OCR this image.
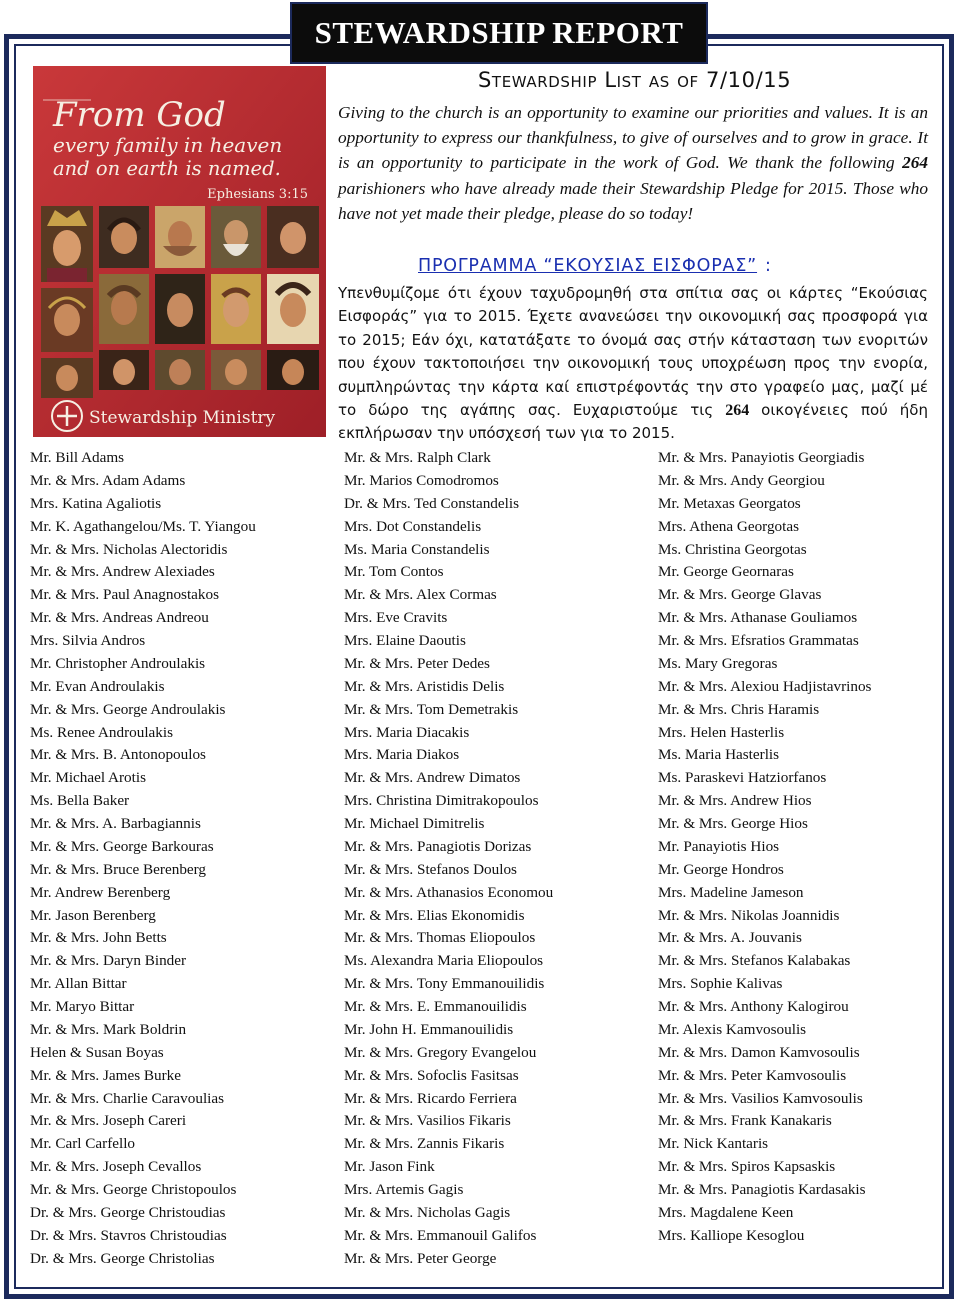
STEWARDSHIP REPORT
From God
every family in heaven
and on earth is named.
Ephesians 3:15
Stewardship Ministry
Stewardship List as of 7/10/15

Giving to the church is an opportunity to examine our priorities and values. It is an opportunity to express our thankfulness, to give of ourselves and to grow in grace. It is an opportunity to participate in the work of God. We thank the following 264 parishioners who have already made their Stewardship Pledge for 2015. Those who have not yet made their pledge, please do so today!

ΠΡΟΓΡΑΜΜΑ “ΕΚΟΥΣΙΑΣ ΕΙΣΦΟΡΑΣ” :

Υπενθυμίζομε ότι έχουν ταχυδρομηθή στα σπίτια σας οι κάρτες “Εκούσιας Εισφοράς” για το 2015. Έχετε ανανεώσει την οικονομική σας προσφορά για το 2015; Εάν όχι, κατατάξατε το όνομά σας στήν κάτασταση των ενοριτών που έχουν τακτοποιήσει την οικονομική τους υποχρέωση προς την ενορία, συμπληρώντας την κάρτα καί επιστρέφοντάς την στο γραφείο μας, μαζί μέ το δώρο της αγάπης σας. Ευχαριστούμε τις 264 οικογένειες πού ήδη εκπλήρωσαν την υπόσχεσή των για το 2015.

Mr. Bill Adams
Mr. & Mrs. Adam Adams
Mrs. Katina Agaliotis
Mr. K. Agathangelou/Ms. T. Yiangou
Mr. & Mrs. Nicholas Alectoridis
Mr. & Mrs. Andrew Alexiades
Mr. & Mrs. Paul Anagnostakos
Mr. & Mrs. Andreas Andreou
Mrs. Silvia Andros
Mr. Christopher Androulakis
Mr. Evan Androulakis
Mr. & Mrs. George Androulakis
Ms. Renee Androulakis
Mr. & Mrs. B. Antonopoulos
Mr. Michael Arotis
Ms. Bella Baker
Mr. & Mrs. A. Barbagiannis
Mr. & Mrs. George Barkouras
Mr. & Mrs. Bruce Berenberg
Mr. Andrew Berenberg
Mr. Jason Berenberg
Mr. & Mrs. John Betts
Mr. & Mrs. Daryn Binder
Mr. Allan Bittar
Mr. Maryo Bittar
Mr. & Mrs. Mark Boldrin
Helen & Susan Boyas
Mr. & Mrs. James Burke
Mr. & Mrs. Charlie Caravoulias
Mr. & Mrs. Joseph Careri
Mr. Carl Carfello
Mr. & Mrs. Joseph Cevallos
Mr. & Mrs. George Christopoulos
Dr. & Mrs. George Christoudias
Dr. & Mrs. Stavros Christoudias
Dr. & Mrs. George Christolias
Mr. & Mrs. Ralph Clark
Mr. Marios Comodromos
Dr. & Mrs. Ted Constandelis
Mrs. Dot Constandelis
Ms. Maria Constandelis
Mr. Tom Contos
Mr. & Mrs. Alex Cormas
Mrs. Eve Cravits
Mrs. Elaine Daoutis
Mr. & Mrs. Peter Dedes
Mr. & Mrs. Aristidis Delis
Mr. & Mrs. Tom Demetrakis
Mrs. Maria Diacakis
Mrs. Maria Diakos
Mr. & Mrs. Andrew Dimatos
Mrs. Christina Dimitrakopoulos
Mr. Michael Dimitrelis
Mr. & Mrs. Panagiotis Dorizas
Mr. & Mrs. Stefanos Doulos
Mr. & Mrs. Athanasios Economou
Mr. & Mrs. Elias Ekonomidis
Mr. & Mrs. Thomas Eliopoulos
Ms. Alexandra Maria Eliopoulos
Mr. & Mrs. Tony Emmanouilidis
Mr. & Mrs. E. Emmanouilidis
Mr. John H. Emmanouilidis
Mr. & Mrs. Gregory Evangelou
Mr. & Mrs. Sofoclis Fasitsas
Mr. & Mrs. Ricardo Ferriera
Mr. & Mrs. Vasilios Fikaris
Mr. & Mrs. Zannis Fikaris
Mr. Jason Fink
Mrs. Artemis Gagis
Mr. & Mrs. Nicholas Gagis
Mr. & Mrs. Emmanouil Galifos
Mr. & Mrs. Peter George
Mr. & Mrs. Panayiotis Georgiadis
Mr. & Mrs. Andy Georgiou
Mr. Metaxas Georgatos
Mrs. Athena Georgotas
Ms. Christina Georgotas
Mr. George Geornaras
Mr. & Mrs. George Glavas
Mr. & Mrs. Athanase Gouliamos
Mr. & Mrs. Efsratios Grammatas
Ms. Mary Gregoras
Mr. & Mrs. Alexiou Hadjistavrinos
Mr. & Mrs. Chris Haramis
Mrs. Helen Hasterlis
Ms. Maria Hasterlis
Ms. Paraskevi Hatziorfanos
Mr. & Mrs. Andrew Hios
Mr. & Mrs. George Hios
Mr. Panayiotis Hios
Mr. George Hondros
Mrs. Madeline Jameson
Mr. & Mrs. Nikolas Joannidis
Mr. & Mrs. A. Jouvanis
Mr. & Mrs. Stefanos Kalabakas
Mrs. Sophie Kalivas
Mr. & Mrs. Anthony Kalogirou
Mr. Alexis Kamvosoulis
Mr. & Mrs. Damon Kamvosoulis
Mr. & Mrs. Peter Kamvosoulis
Mr. & Mrs. Vasilios Kamvosoulis
Mr. & Mrs. Frank Kanakaris
Mr. Nick Kantaris
Mr. & Mrs. Spiros Kapsaskis
Mr. & Mrs. Panagiotis Kardasakis
Mrs. Magdalene Keen
Mrs. Kalliope Kesoglou
